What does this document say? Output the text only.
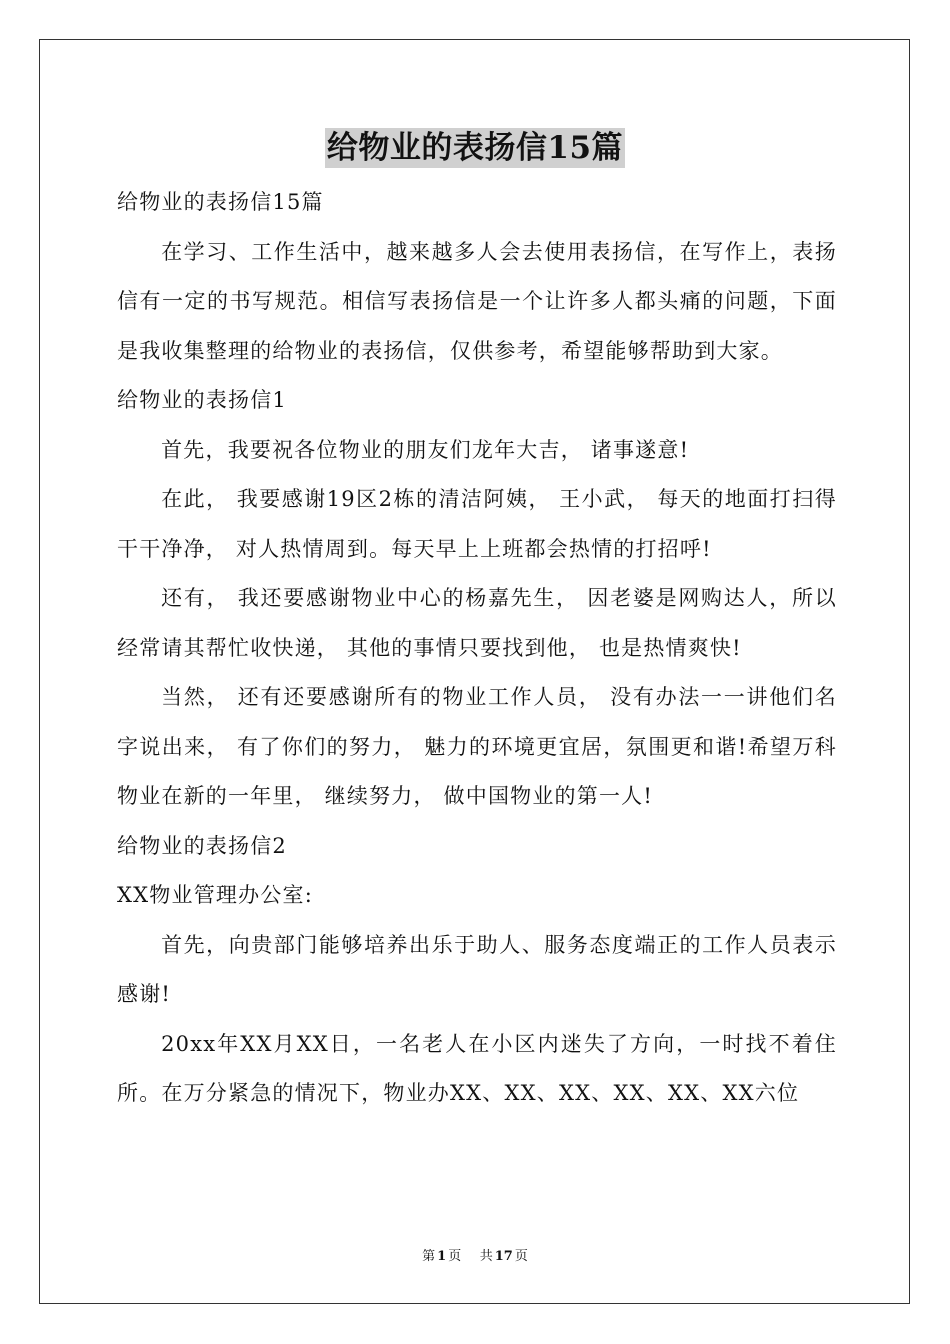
给物业的表扬信15篇

给物业的表扬信15篇

在学习、工作生活中，越来越多人会去使用表扬信，在写作上，表扬信有一定的书写规范。相信写表扬信是一个让许多人都头痛的问题，下面是我收集整理的给物业的表扬信，仅供参考，希望能够帮助到大家。

给物业的表扬信1

首先，我要祝各位物业的朋友们龙年大吉， 诸事遂意!

在此， 我要感谢19区2栋的清洁阿姨， 王小武， 每天的地面打扫得干干净净， 对人热情周到。每天早上上班都会热情的打招呼!

还有， 我还要感谢物业中心的杨嘉先生， 因老婆是网购达人，所以经常请其帮忙收快递， 其他的事情只要找到他， 也是热情爽快!

当然， 还有还要感谢所有的物业工作人员， 没有办法一一讲他们名字说出来， 有了你们的努力， 魅力的环境更宜居，氛围更和谐!希望万科物业在新的一年里， 继续努力， 做中国物业的第一人!

给物业的表扬信2

XX物业管理办公室:

首先，向贵部门能够培养出乐于助人、服务态度端正的工作人员表示感谢!

20xx年XX月XX日，一名老人在小区内迷失了方向，一时找不着住所。在万分紧急的情况下，物业办XX、XX、XX、XX、XX、XX六位

第 1 页 共 17 页
